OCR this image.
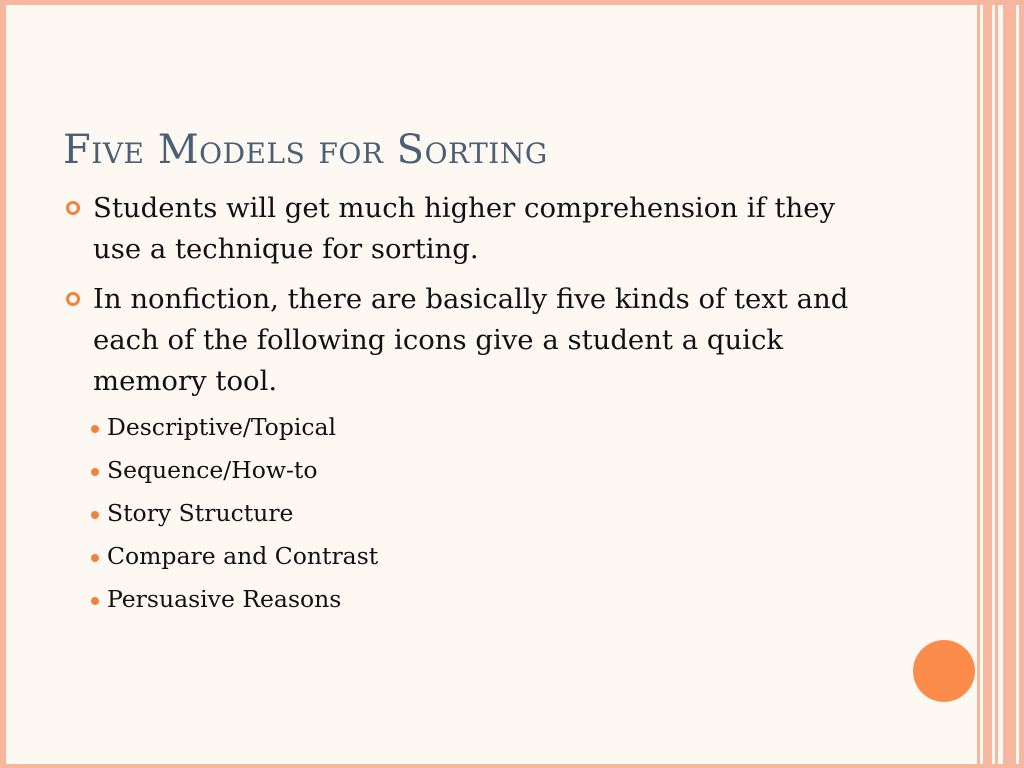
Five Models for Sorting
Students will get much higher comprehension if they use a technique for sorting.
In nonfiction, there are basically five kinds of text and each of the following icons give a student a quick memory tool.
Descriptive/Topical
Sequence/How-to
Story Structure
Compare and Contrast
Persuasive Reasons
